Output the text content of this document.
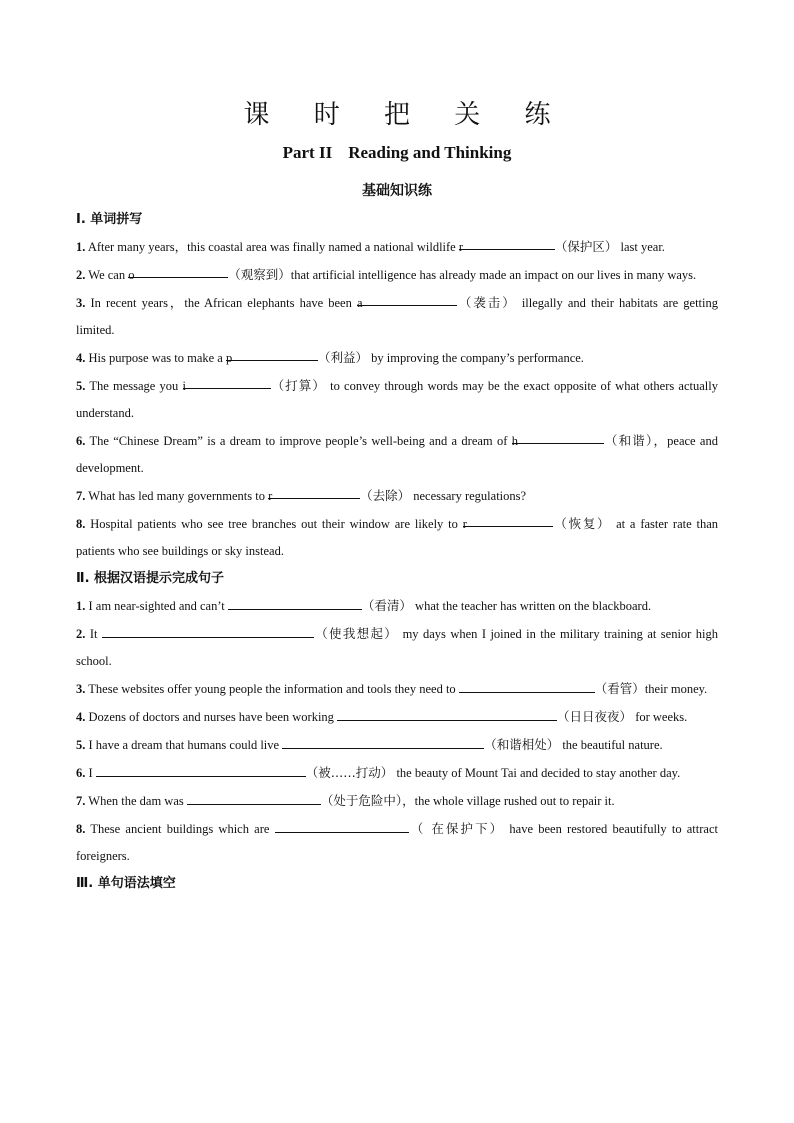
课 时 把 关 练
Part II Reading and Thinking
基础知识练
Ⅰ. 单词拼写
1. After many years，this coastal area was finally named a national wildlife r	（保护区） last year.
2. We can o	（观察到）that artificial intelligence has already made an impact on our lives in many ways.
3. In recent years，the African elephants have been a	（袭击） illegally and their habitats are getting limited.
4. His purpose was to make a p	（利益） by improving the company’s performance.
5. The message you i	（打算） to convey through words may be the exact opposite of what others actually understand.
6. The “Chinese Dream” is a dream to improve people’s well-being and a dream of h	（和谐），peace and development.
7. What has led many governments to r	（去除） necessary regulations?
8. Hospital patients who see tree branches out their window are likely to r	（恢复） at a faster rate than patients who see buildings or sky instead.
Ⅱ. 根据汉语提示完成句子
1. I am near-sighted and can’t	（看清） what the teacher has written on the blackboard.
2. It	（使我想起） my days when I joined in the military training at senior high school.
3. These websites offer young people the information and tools they need to	（看管）their money.
4. Dozens of doctors and nurses have been working	（日日夜夜） for weeks.
5. I have a dream that humans could live	（和谐相处） the beautiful nature.
6. I	（被……打动） the beauty of Mount Tai and decided to stay another day.
7. When the dam was	（处于危险中），the whole village rushed out to repair it.
8. These ancient buildings which are	（ 在保护下） have been restored beautifully to attract foreigners.
Ⅲ. 单句语法填空
